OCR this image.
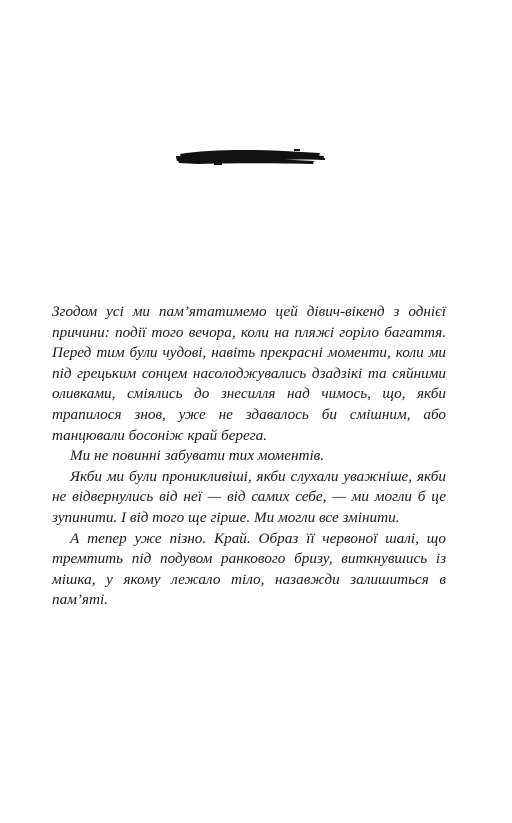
Згодом усі ми пам’ятатимемо цей дівич-вікенд з однієї причини: події того вечора, коли на пляжі горіло багаття. Перед тим були чудові, навіть прекрасні моменти, коли ми під грецьким сонцем насолоджувались дзадзікі та сяйними оливками, сміялись до знесилля над чимось, що, якби трапилося знов, уже не здавалось би смішним, або танцювали босоніж край берега.

Ми не повинні забувати тих моментів.

Якби ми були проникливіші, якби слухали уважніше, якби не відвернулись від неї — від самих себе, — ми могли б це зупинити. І від того ще гірше. Ми могли все змінити.

А тепер уже пізно. Край. Образ її червоної шалі, що тремтить під подувом ранкового бризу, виткнувшись із мішка, у якому лежало тіло, назавжди залишиться в пам’яті.
